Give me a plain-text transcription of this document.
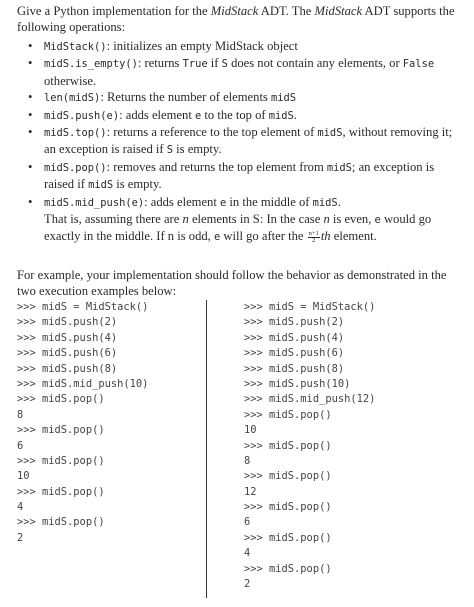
Give a Python implementation for the MidStack ADT. The MidStack ADT supports the following operations:

• MidStack(): initializes an empty MidStack object
• midS.is_empty(): returns True if S does not contain any elements, or False otherwise.
• len(midS): Returns the number of elements midS
• midS.push(e): adds element e to the top of midS.
• midS.top(): returns a reference to the top element of midS, without removing it; an exception is raised if S is empty.
• midS.pop(): removes and returns the top element from midS; an exception is raised if midS is empty.
• midS.mid_push(e): adds element e in the middle of midS.
That is, assuming there are n elements in S: In the case n is even, e would go exactly in the middle. If n is odd, e will go after the $\frac{n+1}{2}$ th element.
For example, your implementation should follow the behavior as demonstrated in the two execution examples below:
>>> midS = MidStack()
>>> midS.push(2)
>>> midS.push(4)
>>> midS.push(6)
>>> midS.push(8)
>>> midS.mid_push(10)
>>> midS.pop()
8
>>> midS.pop()
6
>>> midS.pop()
10
>>> midS.pop()
4
>>> midS.pop()
2
>>> midS = MidStack()
>>> midS.push(2)
>>> midS.push(4)
>>> midS.push(6)
>>> midS.push(8)
>>> midS.push(10)
>>> midS.mid_push(12)
>>> midS.pop()
10
>>> midS.pop()
8
>>> midS.pop()
12
>>> midS.pop()
6
>>> midS.pop()
4
>>> midS.pop()
2
